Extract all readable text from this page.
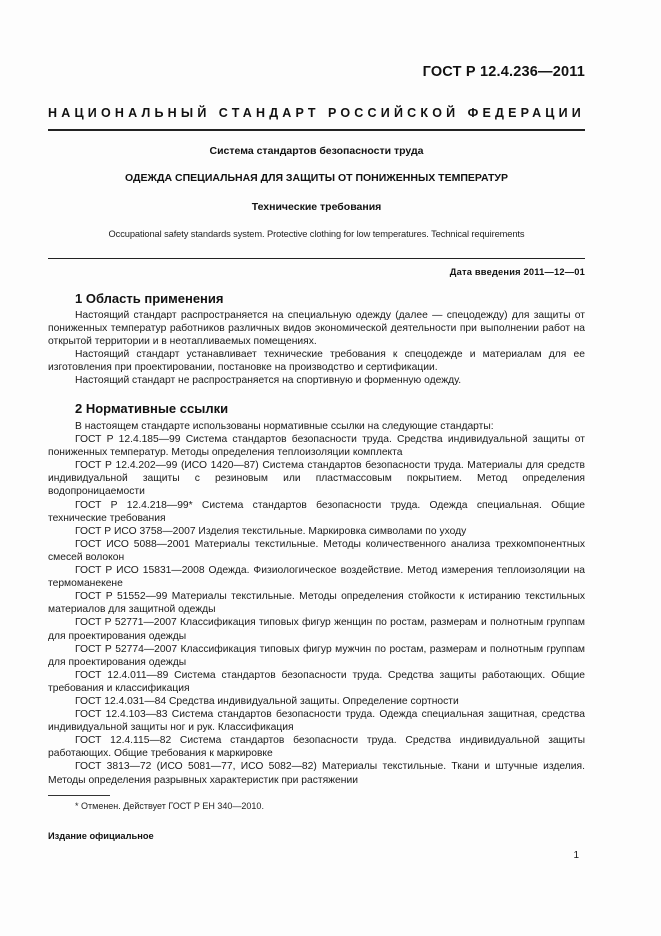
ГОСТ Р 12.4.236—2011
НАЦИОНАЛЬНЫЙ СТАНДАРТ РОССИЙСКОЙ ФЕДЕРАЦИИ
Система стандартов безопасности труда
ОДЕЖДА СПЕЦИАЛЬНАЯ ДЛЯ ЗАЩИТЫ ОТ ПОНИЖЕННЫХ ТЕМПЕРАТУР
Технические требования
Occupational safety standards system. Protective clothing for low temperatures. Technical requirements
Дата введения 2011—12—01
1 Область применения

Настоящий стандарт распространяется на специальную одежду (далее — спецодежду) для защиты от пониженных температур работников различных видов экономической деятельности при выполнении работ на открытой территории и в неотапливаемых помещениях.

Настоящий стандарт устанавливает технические требования к спецодежде и материалам для ее изготовления при проектировании, постановке на производство и сертификации.

Настоящий стандарт не распространяется на спортивную и форменную одежду.

2 Нормативные ссылки

В настоящем стандарте использованы нормативные ссылки на следующие стандарты:

ГОСТ Р 12.4.185—99 Система стандартов безопасности труда. Средства индивидуальной защиты от пониженных температур. Методы определения теплоизоляции комплекта

ГОСТ Р 12.4.202—99 (ИСО 1420—87) Система стандартов безопасности труда. Материалы для средств индивидуальной защиты с резиновым или пластмассовым покрытием. Метод определения водопроницаемости

ГОСТ Р 12.4.218—99* Система стандартов безопасности труда. Одежда специальная. Общие технические требования

ГОСТ Р ИСО 3758—2007 Изделия текстильные. Маркировка символами по уходу

ГОСТ ИСО 5088—2001 Материалы текстильные. Методы количественного анализа трехкомпонентных смесей волокон

ГОСТ Р ИСО 15831—2008 Одежда. Физиологическое воздействие. Метод измерения теплоизоляции на термоманекене

ГОСТ Р 51552—99 Материалы текстильные. Методы определения стойкости к истиранию текстильных материалов для защитной одежды

ГОСТ Р 52771—2007 Классификация типовых фигур женщин по ростам, размерам и полнотным группам для проектирования одежды

ГОСТ Р 52774—2007 Классификация типовых фигур мужчин по ростам, размерам и полнотным группам для проектирования одежды

ГОСТ 12.4.011—89 Система стандартов безопасности труда. Средства защиты работающих. Общие требования и классификация

ГОСТ 12.4.031—84 Средства индивидуальной защиты. Определение сортности

ГОСТ 12.4.103—83 Система стандартов безопасности труда. Одежда специальная защитная, средства индивидуальной защиты ног и рук. Классификация

ГОСТ 12.4.115—82 Система стандартов безопасности труда. Средства индивидуальной защиты работающих. Общие требования к маркировке

ГОСТ 3813—72 (ИСО 5081—77, ИСО 5082—82) Материалы текстильные. Ткани и штучные изделия. Методы определения разрывных характеристик при растяжении

* Отменен. Действует ГОСТ Р ЕН 340—2010.
Издание официальное
1
